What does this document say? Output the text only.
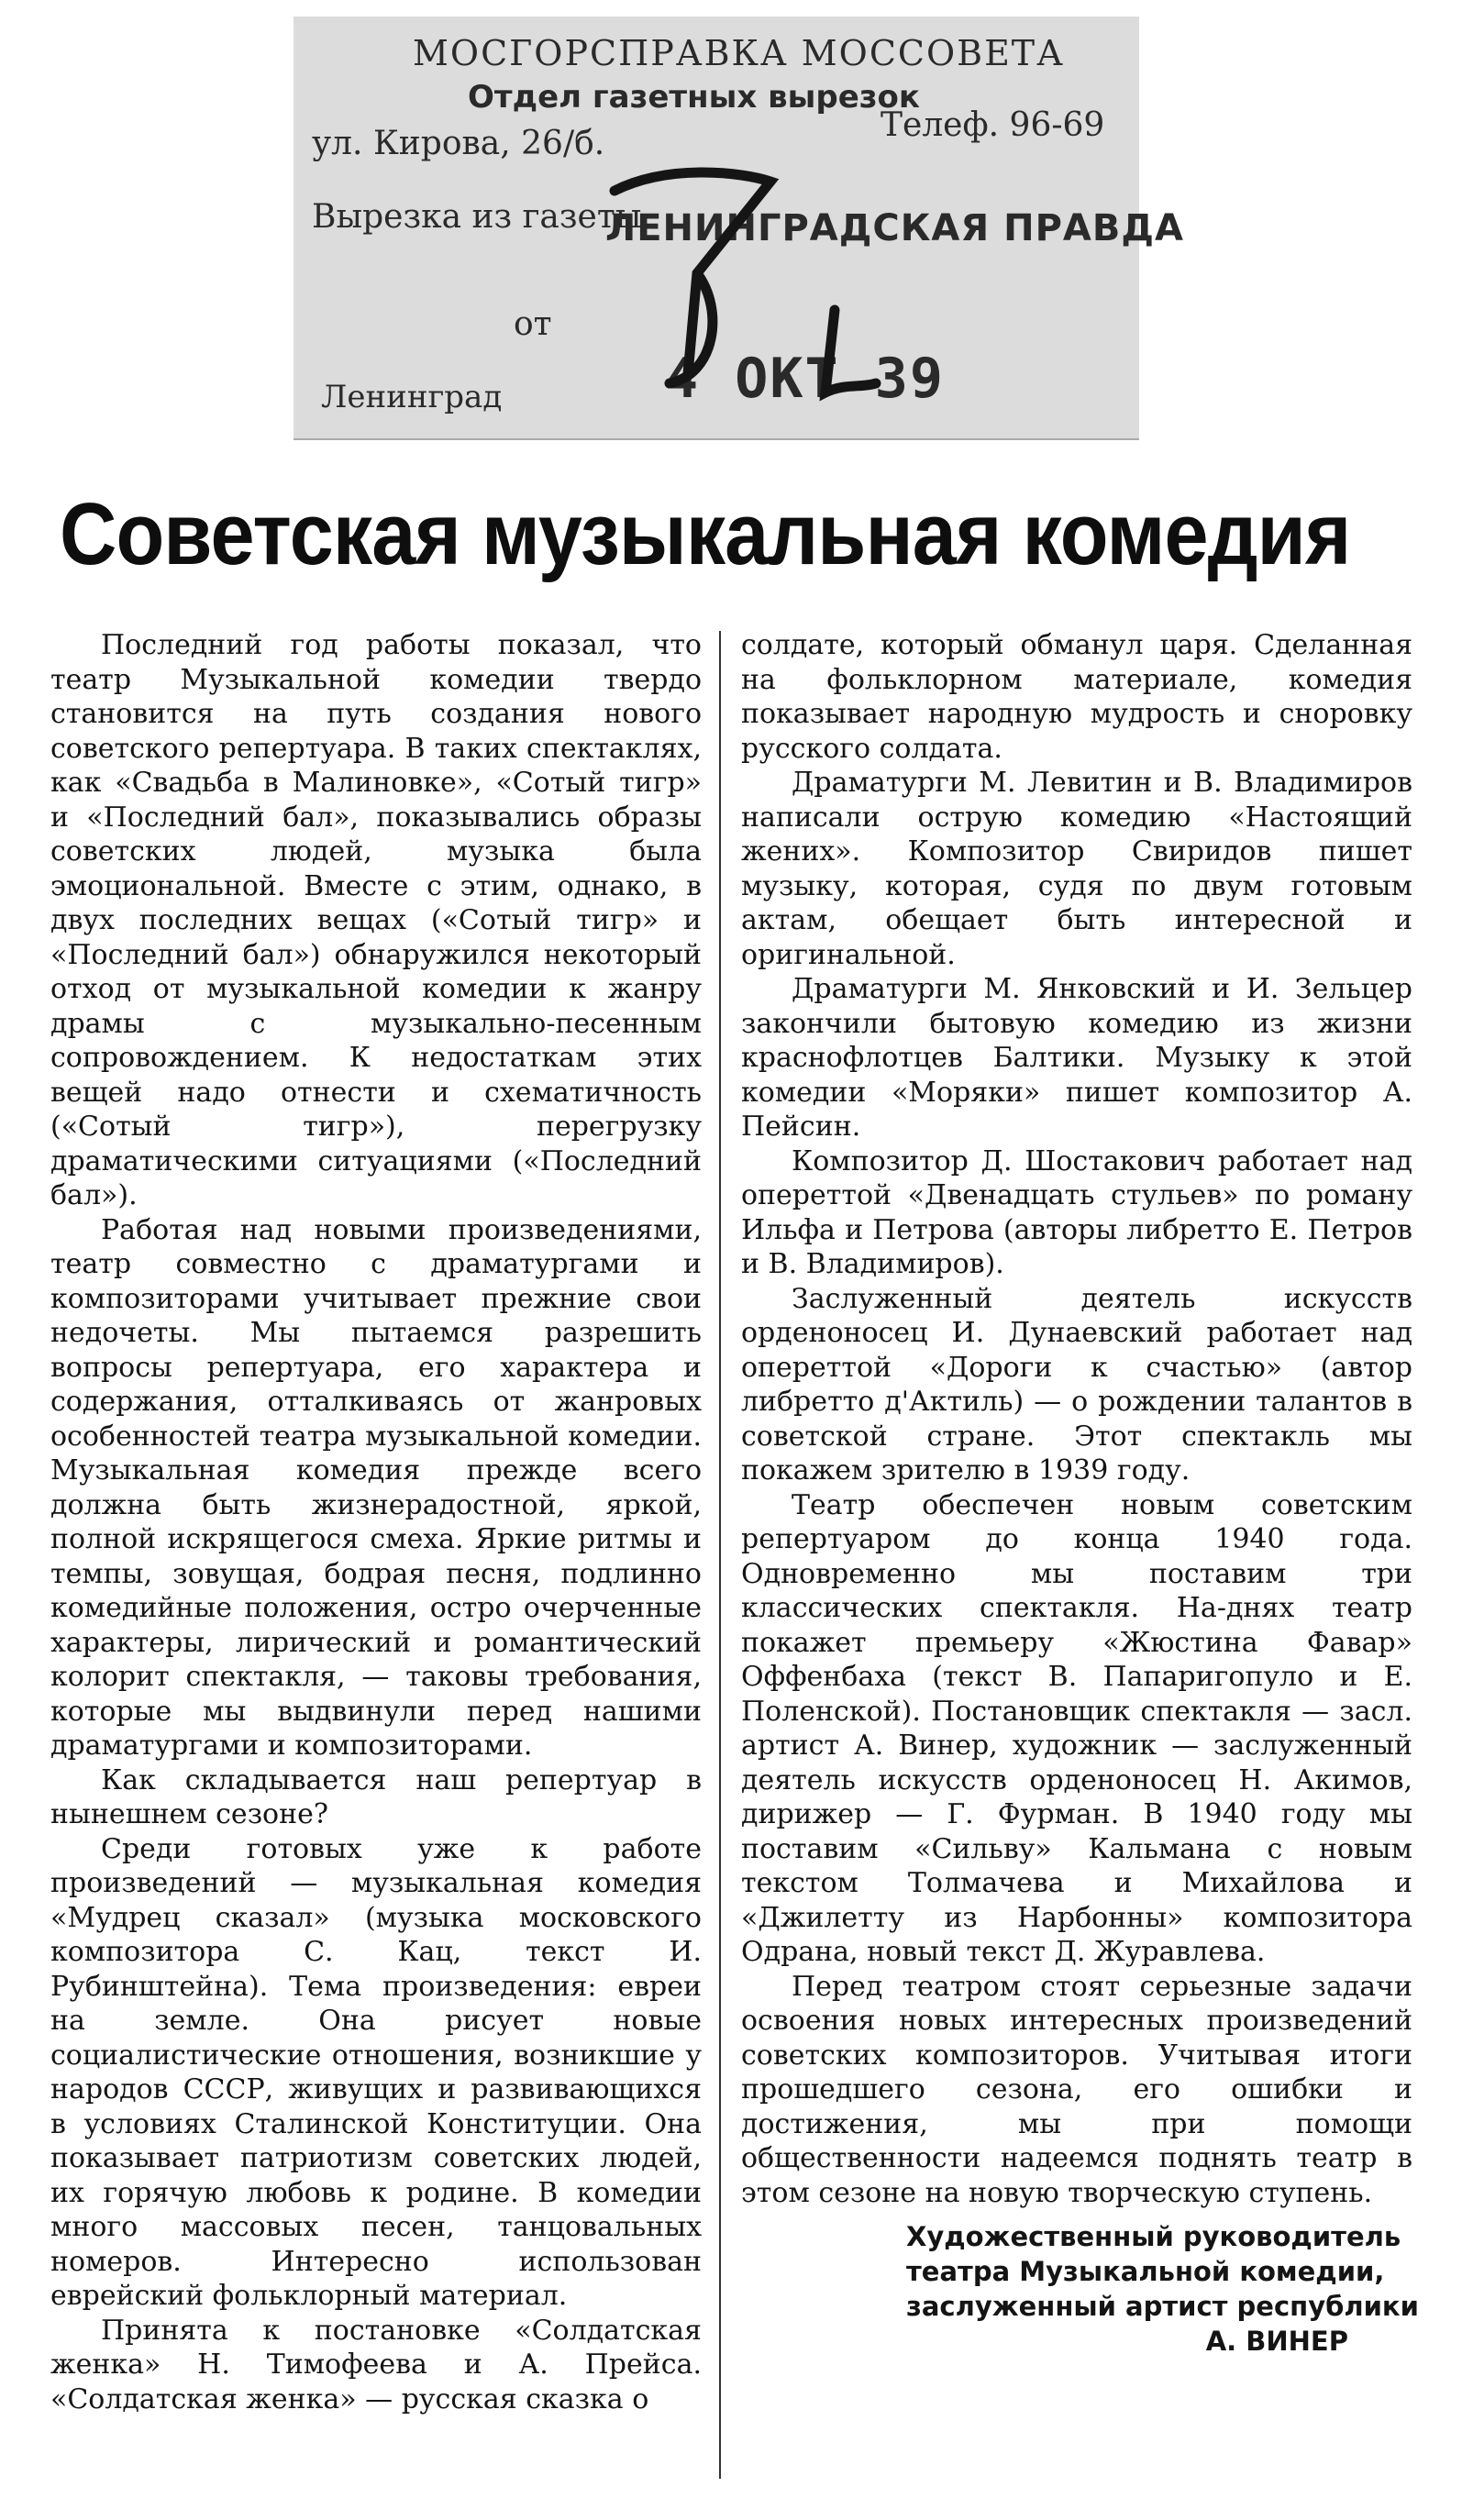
МОСГОРСПРАВКА МОССОВЕТА
Отдел газетных вырезок
ул. Кирова, 26/б.	Телеф. 96-69
Вырезка из газеты
ЛЕНИНГРАДСКАЯ ПРАВДА
от
Ленинград	4 ОКТ 39
Советская музыкальная комедия

Последний год работы показал, что театр Музыкальной комедии твердо становится на путь создания нового советского репертуара. В таких спектаклях, как «Свадьба в Малиновке», «Сотый тигр» и «Последний бал», показывались образы советских людей, музыка была эмоциональной. Вместе с этим, однако, в двух последних вещах («Сотый тигр» и «Последний бал») обнаружился некоторый отход от музыкальной комедии к жанру драмы с музыкально-песенным сопровождением. К недостаткам этих вещей надо отнести и схематичность («Сотый тигр»), перегрузку драматическими ситуациями («Последний бал»).

Работая над новыми произведениями, театр совместно с драматургами и композиторами учитывает прежние свои недочеты. Мы пытаемся разрешить вопросы репертуара, его характера и содержания, отталкиваясь от жанровых особенностей театра музыкальной комедии. Музыкальная комедия прежде всего должна быть жизнерадостной, яркой, полной искрящегося смеха. Яркие ритмы и темпы, зовущая, бодрая песня, подлинно комедийные положения, остро очерченные характеры, лирический и романтический колорит спектакля, — таковы требования, которые мы выдвинули перед нашими драматургами и композиторами.

Как складывается наш репертуар в нынешнем сезоне?

Среди готовых уже к работе произведений — музыкальная комедия «Мудрец сказал» (музыка московского композитора С. Кац, текст И. Рубинштейна). Тема произведения: евреи на земле. Она рисует новые социалистические отношения, возникшие у народов СССР, живущих и развивающихся в условиях Сталинской Конституции. Она показывает патриотизм советских людей, их горячую любовь к родине. В комедии много массовых песен, танцовальных номеров. Интересно использован еврейский фольклорный материал.

Принята к постановке «Солдатская женка» Н. Тимофеева и А. Прейса. «Солдатская женка» — русская сказка о

солдате, который обманул царя. Сделанная на фольклорном материале, комедия показывает народную мудрость и сноровку русского солдата.

Драматурги М. Левитин и В. Владимиров написали острую комедию «Настоящий жених». Композитор Свиридов пишет музыку, которая, судя по двум готовым актам, обещает быть интересной и оригинальной.

Драматурги М. Янковский и И. Зельцер закончили бытовую комедию из жизни краснофлотцев Балтики. Музыку к этой комедии «Моряки» пишет композитор А. Пейсин.

Композитор Д. Шостакович работает над опереттой «Двенадцать стульев» по роману Ильфа и Петрова (авторы либретто Е. Петров и В. Владимиров).

Заслуженный деятель искусств орденоносец И. Дунаевский работает над опереттой «Дороги к счастью» (автор либретто д'Актиль) — о рождении талантов в советской стране. Этот спектакль мы покажем зрителю в 1939 году.

Театр обеспечен новым советским репертуаром до конца 1940 года. Одновременно мы поставим три классических спектакля. На-днях театр покажет премьеру «Жюстина Фавар» Оффенбаха (текст В. Папаригопуло и Е. Поленской). Постановщик спектакля — засл. артист А. Винер, художник — заслуженный деятель искусств орденоносец Н. Акимов, дирижер — Г. Фурман. В 1940 году мы поставим «Сильву» Кальмана с новым текстом Толмачева и Михайлова и «Джилетту из Нарбонны» композитора Одрана, новый текст Д. Журавлева.

Перед театром стоят серьезные задачи освоения новых интересных произведений советских композиторов. Учитывая итоги прошедшего сезона, его ошибки и достижения, мы при помощи общественности надеемся поднять театр в этом сезоне на новую творческую ступень.

Художественный руководитель
театра Музыкальной комедии,
заслуженный артист республики
А. ВИНЕР
